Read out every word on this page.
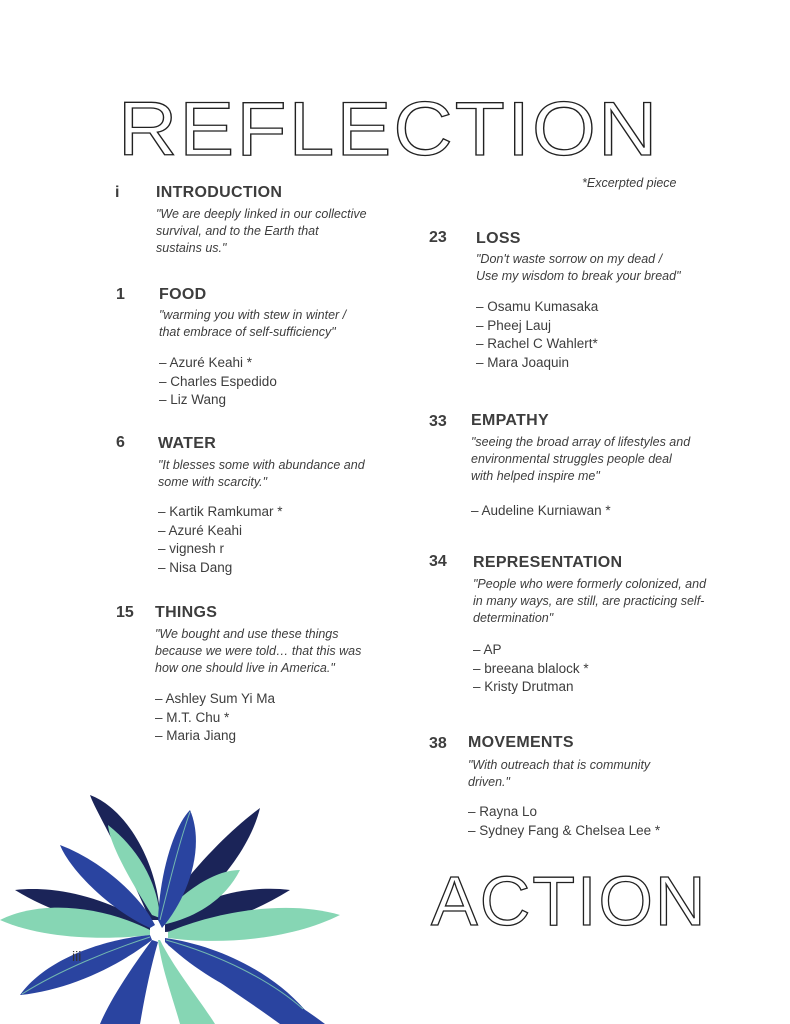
REFLECTION
*Excerpted piece
i INTRODUCTION
"We are deeply linked in our collective
survival, and to the Earth that
sustains us."
1 FOOD
"warming you with stew in winter /
that embrace of self-sufficiency"
– Azuré Keahi *
– Charles Espedido
– Liz Wang
6 WATER
"It blesses some with abundance and
some with scarcity."
– Kartik Ramkumar *
– Azuré Keahi
– vignesh r
– Nisa Dang
15 THINGS
"We bought and use these things
because we were told… that this was
how one should live in America."
– Ashley Sum Yi Ma
– M.T. Chu *
– Maria Jiang
23 LOSS
"Don't waste sorrow on my dead /
Use my wisdom to break your bread"
– Osamu Kumasaka
– Pheej Lauj
– Rachel C Wahlert*
– Mara Joaquin
33 EMPATHY
"seeing the broad array of lifestyles and
environmental struggles people deal
with helped inspire me"
– Audeline Kurniawan *
34 REPRESENTATION
"People who were formerly colonized, and
in many ways, are still, are practicing self-
determination"
– AP
– breeana blalock *
– Kristy Drutman
38 MOVEMENTS
"With outreach that is community
driven."
– Rayna Lo
– Sydney Fang & Chelsea Lee *
iii
ACTION
